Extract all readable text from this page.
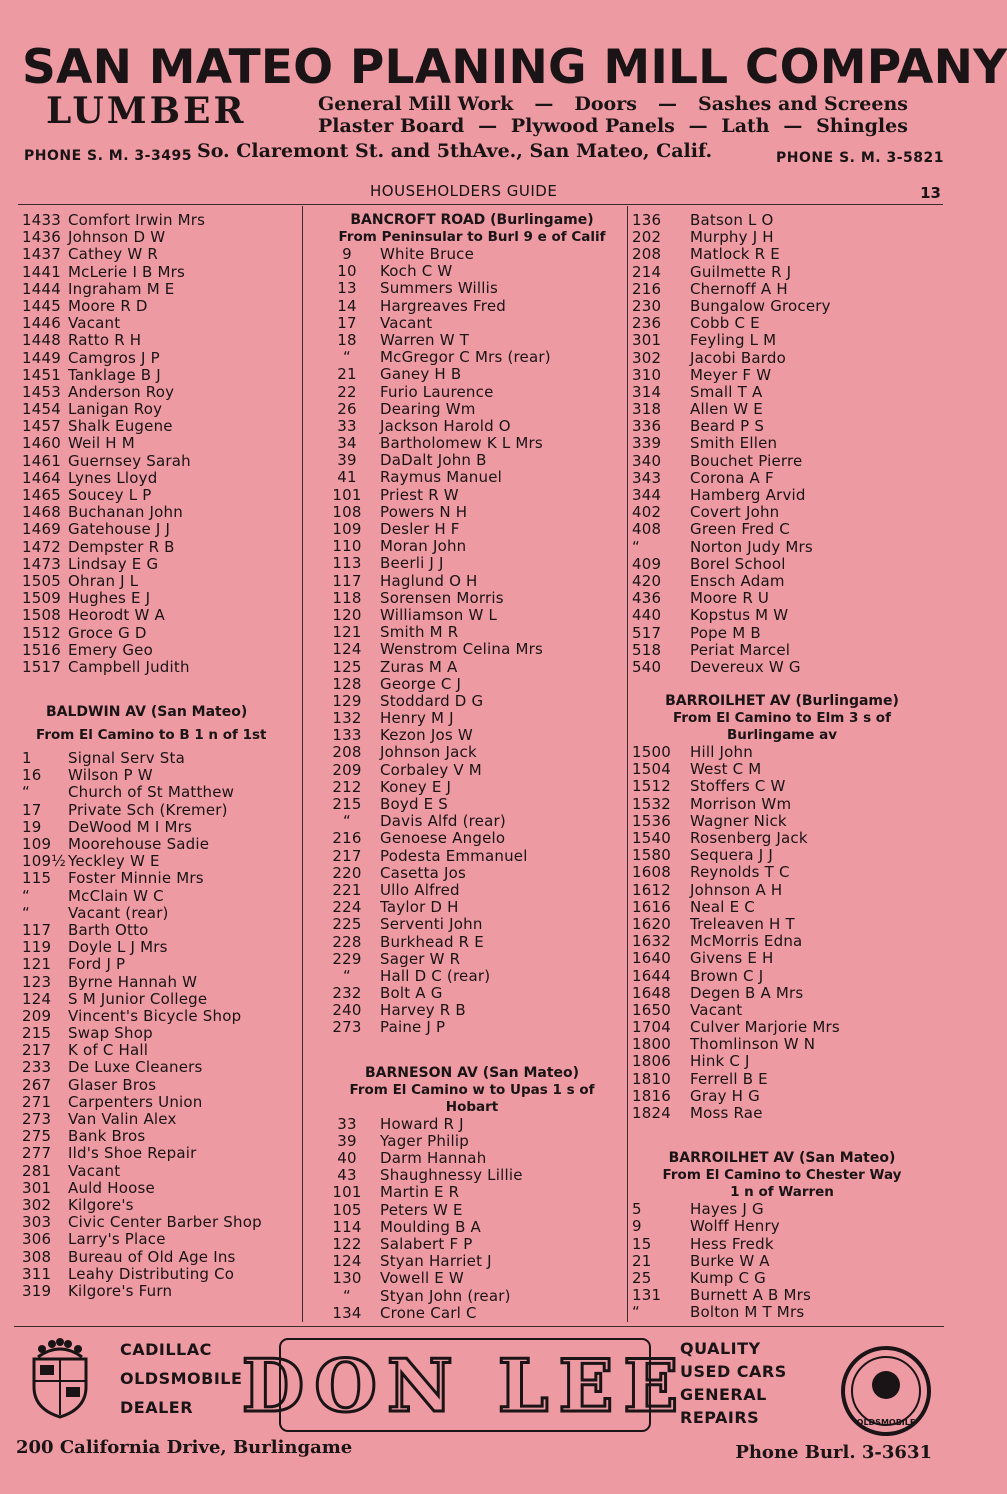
SAN MATEO PLANING MILL COMPANY
LUMBER	General Mill Work — Doors — Sashes and Screens
Plaster Board — Plywood Panels — Lath — Shingles
PHONE S. M. 3-3495 So. Claremont St. and 5thAve., San Mateo, Calif.	PHONE S. M. 3-5821
HOUSEHOLDERS GUIDE	13
1433 Comfort Irwin Mrs
1436 Johnson D W
1437 Cathey W R
1441 McLerie I B Mrs
1444 Ingraham M E
1445 Moore R D
1446 Vacant
1448 Ratto R H
1449 Camgros J P
1451 Tanklage B J
1453 Anderson Roy
1454 Lanigan Roy
1457 Shalk Eugene
1460 Weil H M
1461 Guernsey Sarah
1464 Lynes Lloyd
1465 Soucey L P
1468 Buchanan John
1469 Gatehouse J J
1472 Dempster R B
1473 Lindsay E G
1505 Ohran J L
1509 Hughes E J
1508 Heorodt W A
1512 Groce G D
1516 Emery Geo
1517 Campbell Judith
BALDWIN AV (San Mateo)
From El Camino to B 1 n of 1st
1	Signal Serv Sta
16	Wilson P W
“	Church of St Matthew
17	Private Sch (Kremer)
19	DeWood M I Mrs
109	Moorehouse Sadie
109½ Yeckley W E
115	Foster Minnie Mrs
“	McClain W C
“	Vacant (rear)
117	Barth Otto
119	Doyle L J Mrs
121	Ford J P
123	Byrne Hannah W
124	S M Junior College
209	Vincent's Bicycle Shop
215	Swap Shop
217	K of C Hall
233	De Luxe Cleaners
267	Glaser Bros
271	Carpenters Union
273	Van Valin Alex
275	Bank Bros
277	Ild's Shoe Repair
281	Vacant
301	Auld Hoose
302	Kilgore's
303	Civic Center Barber Shop
306	Larry's Place
308	Bureau of Old Age Ins
311	Leahy Distributing Co
319	Kilgore's Furn
BANCROFT ROAD (Burlingame)
From Peninsular to Burl 9 e of Calif
9	White Bruce
10	Koch C W
13	Summers Willis
14	Hargreaves Fred
17	Vacant
18	Warren W T
“	McGregor C Mrs (rear)
21	Ganey H B
22	Furio Laurence
26	Dearing Wm
33	Jackson Harold O
34	Bartholomew K L Mrs
39	DaDalt John B
41	Raymus Manuel
101	Priest R W
108	Powers N H
109	Desler H F
110	Moran John
113	Beerli J J
117	Haglund O H
118	Sorensen Morris
120	Williamson W L
121	Smith M R
124	Wenstrom Celina Mrs
125	Zuras M A
128	George C J
129	Stoddard D G
132	Henry M J
133	Kezon Jos W
208	Johnson Jack
209	Corbaley V M
212	Koney E J
215	Boyd E S
“	Davis Alfd (rear)
216	Genoese Angelo
217	Podesta Emmanuel
220	Casetta Jos
221	Ullo Alfred
224	Taylor D H
225	Serventi John
228	Burkhead R E
229	Sager W R
“	Hall D C (rear)
232	Bolt A G
240	Harvey R B
273	Paine J P
BARNESON AV (San Mateo)
From El Camino w to Upas 1 s of
Hobart
33	Howard R J
39	Yager Philip
40	Darm Hannah
43	Shaughnessy Lillie
101	Martin E R
105	Peters W E
114	Moulding B A
122	Salabert F P
124	Styan Harriet J
130	Vowell E W
“	Styan John (rear)
134	Crone Carl C
136	Batson L O
202	Murphy J H
208	Matlock R E
214	Guilmette R J
216	Chernoff A H
230	Bungalow Grocery
236	Cobb C E
301	Feyling L M
302	Jacobi Bardo
310	Meyer F W
314	Small T A
318	Allen W E
336	Beard P S
339	Smith Ellen
340	Bouchet Pierre
343	Corona A F
344	Hamberg Arvid
402	Covert John
408	Green Fred C
“	Norton Judy Mrs
409	Borel School
420	Ensch Adam
436	Moore R U
440	Kopstus M W
517	Pope M B
518	Periat Marcel
540	Devereux W G
BARROILHET AV (Burlingame)
From El Camino to Elm 3 s of
Burlingame av
1500	Hill John
1504	West C M
1512	Stoffers C W
1532	Morrison Wm
1536	Wagner Nick
1540	Rosenberg Jack
1580	Sequera J J
1608	Reynolds T C
1612	Johnson A H
1616	Neal E C
1620	Treleaven H T
1632	McMorris Edna
1640	Givens E H
1644	Brown C J
1648	Degen B A Mrs
1650	Vacant
1704	Culver Marjorie Mrs
1800	Thomlinson W N
1806	Hink C J
1810	Ferrell B E
1816	Gray H G
1824	Moss Rae
BARROILHET AV (San Mateo)
From El Camino to Chester Way
1 n of Warren
5	Hayes J G
9	Wolff Henry
15	Hess Fredk
21	Burke W A
25	Kump C G
131	Burnett A B Mrs
“	Bolton M T Mrs
CADILLAC
OLDSMOBILE
DEALER DON LEE
QUALITY
USED CARS
GENERAL
REPAIRS	OLDSMOBILE
200 California Drive, Burlingame	Phone Burl. 3-3631
